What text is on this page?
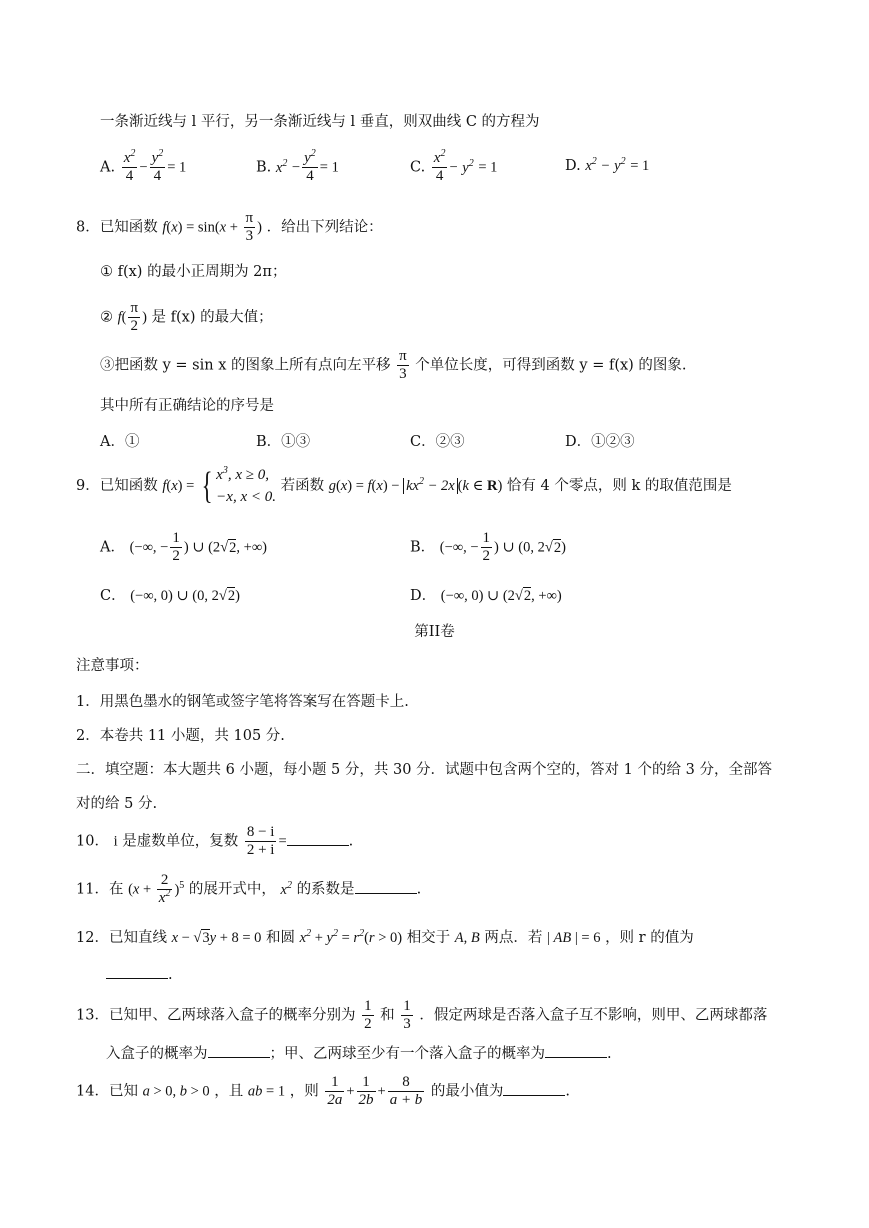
一条渐近线与 l 平行，另一条渐近线与 l 垂直，则双曲线 C 的方程为
A. $\frac{x^2}{4} - \frac{y^2}{4} = 1$	B. $x^2 - \frac{y^2}{4} = 1$	C. $\frac{x^2}{4} - y^2 = 1$	D. $x^2 - y^2 = 1$
8．已知函数 $f(x) = \sin(x + \frac{\pi}{3}$ ) ．给出下列结论：
① f(x) 的最小正周期为 2π；
② $f( \frac{\pi}{2}$ ) 是 f(x) 的最大值；
③把函数 y = sin x 的图象上所有点向左平移 $\frac{\pi}{3}$ 个单位长度，可得到函数 y = f(x) 的图象.
其中所有正确结论的序号是
A．①	B．①③	C．②③	D．①②③
9．已知函数 f(x) = { $x^3$, x ≥ 0,
−x, x < 0. 若函数 $g(x) = f(x) - kx^2 - 2x$ (k ∈ R) 恰有 4 个零点，则 k 的取值范围是
A． (−∞, − $\frac{1}{2}$ ) ∪ (2√2, +∞)	B． (−∞, − $\frac{1}{2}$ ) ∪ (0, 2√2)
C． (−∞, 0) ∪ (0, 2√2)	D． (−∞, 0) ∪ (2√2, +∞)
第II卷
注意事项：
1．用黑色墨水的钢笔或签字笔将答案写在答题卡上.
2．本卷共 11 小题，共 105 分.
二．填空题：本大题共 6 小题，每小题 5 分，共 30 分．试题中包含两个空的，答对 1 个的给 3 分，全部答
对的给 5 分.
10． i 是虚数单位，复数 $\frac{8 - i}{2 + i}$ =	.
11．在 $(x + \frac{2}{x^2} )^5$ 的展开式中， $x^2$ 的系数是	.
12．已知直线 x − √3y + 8 = 0 和圆 $x^2 + y^2 = r^2(r > 0)$ 相交于 A, B 两点．若 | AB | = 6 ，则 r 的值为
.
13．已知甲、乙两球落入盒子的概率分别为 $\frac{1}{2}$ 和 $\frac{1}{3}$ ．假定两球是否落入盒子互不影响，则甲、乙两球都落
入盒子的概率为	；甲、乙两球至少有一个落入盒子的概率为	.
14．已知 a > 0, b > 0 ，且 ab = 1 ，则 $\frac{1}{2a} + \frac{1}{2b} + \frac{8}{a + b}$ 的最小值为	.
